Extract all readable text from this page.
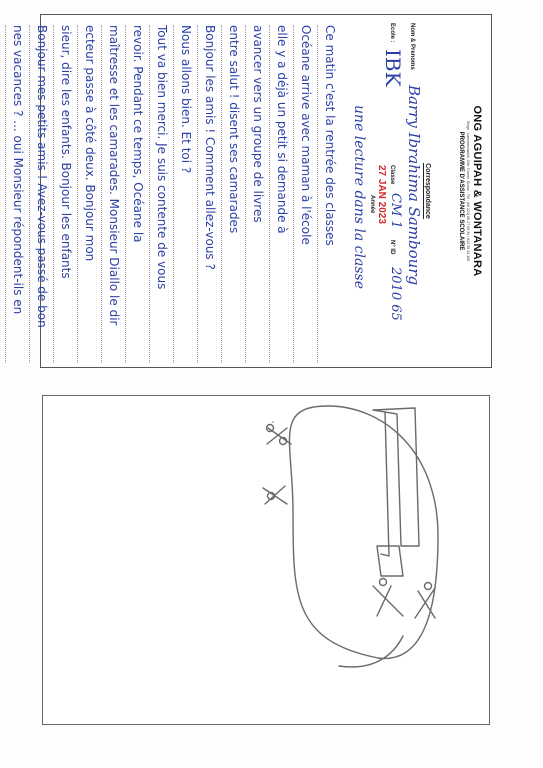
ONG AGUIPAH & WONTANARA
Siège : Lamoemvrankh, Cité, Comm. Dixinn - Tél : (00 224) 66 27 09 34 / 622 55 13 108
PROGRAMME D'ASSISTANCE SCOLAIRE
Correspondance
Nom & Prenoms
Barry Ibrahima Sambourg
Ecole :
IBK
Classe
CM 1
N° ID
2010 65
27 JAN 2023
Année
une lecture dans la classe
Ce matin c'est la rentrée des classes
Océane arrive avec maman à l'école
elle y a déjà un petit si demande à
avancer vers un groupe de livres
entre salut ! disent ses camarades
Bonjour les amis ! Comment allez-vous ?
Nous allons bien. Et toi ?
Tout va bien merci. Je suis contente de vous
revoir. Pendant ce temps, Océane la
maîtresse et les camarades. Monsieur Diallo le dir
ecteur passe à côté deux. Bonjour mon
sieur, dire les enfants. Bonjour les enfants
Bonjour mes petits amis ! Avez-vous passé de bon
nes vacances ? ... oui Monsieur répondent-ils en
